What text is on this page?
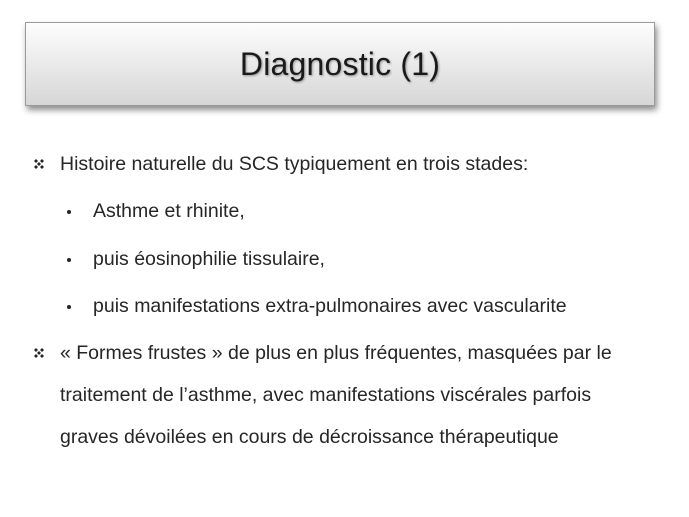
Diagnostic (1)
Histoire naturelle du SCS typiquement en trois stades:
Asthme et rhinite,
puis éosinophilie tissulaire,
puis manifestations extra-pulmonaires avec vascularite
« Formes frustes » de plus en plus fréquentes, masquées par le
traitement de l’asthme, avec manifestations viscérales parfois
graves dévoilées en cours de décroissance thérapeutique
